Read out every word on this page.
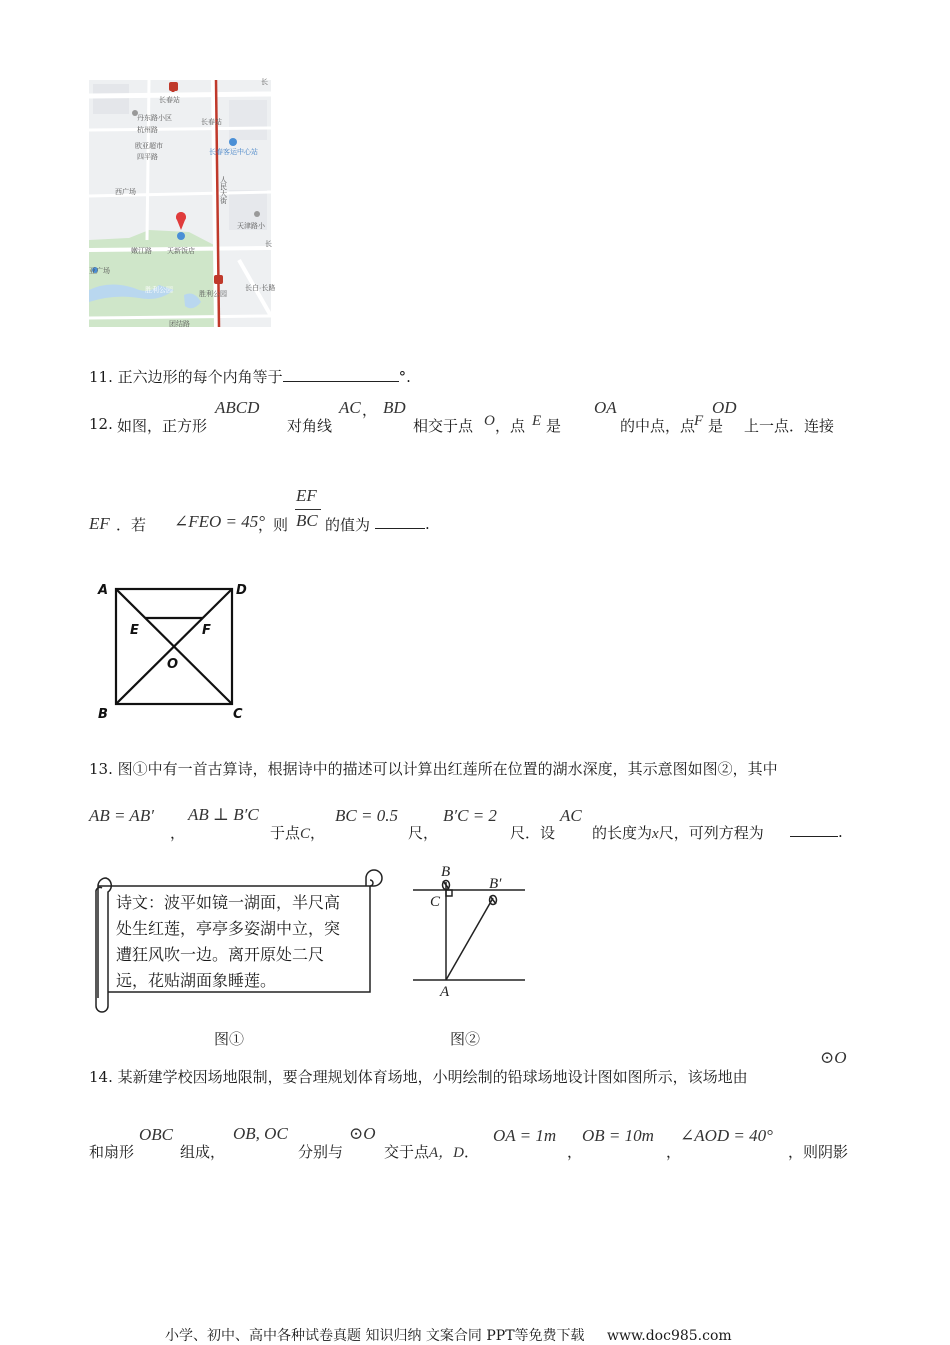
长春站
长春站
丹东路小区
杭州路
欧亚超市
四平路
长春客运中心站
人民大街
西广场
天津路小
嫩江路 天新饭店
亚广场
胜利公园
胜利公园
团结路
长白·长路
长
长
11. 正六边形的每个内角等于	°.
12. 如图，正方形
ABCD
对角线
AC ， BD
相交于点 O ，点 E 是
OA
的中点，点
F 是
OD
上一点．连接
EF ．若 ∠FEO = 45°
，则
EF
BC 的值为	.
A	D
B	C
E	F
O
13. 图①中有一首古算诗，根据诗中的描述可以计算出红莲所在位置的湖水深度，其示意图如图②，其中
AB = AB′
，
AB ⊥ B′C
于点C，
BC = 0.5
尺，
B′C = 2
尺．设
AC
的长度为x尺，可列方程为	.
诗文：波平如镜一湖面，半尺高
处生红莲，亭亭多姿湖中立，突
遭狂风吹一边。离开原处二尺
远，花贴湖面象睡莲。
图①
B
B′
C
A
图②
14. 某新建学校因场地限制，要合理规划体育场地，小明绘制的铅球场地设计图如图所示，该场地由
⊙O
和扇形
OBC
组成，
OB, OC
分别与
⊙O
交于点A，D．
OA = 1m
，
OB = 10m
，
∠AOD = 40°
，则阴影
小学、初中、高中各种试卷真题 知识归纳 文案合同 PPT等免费下载 www.doc985.com
